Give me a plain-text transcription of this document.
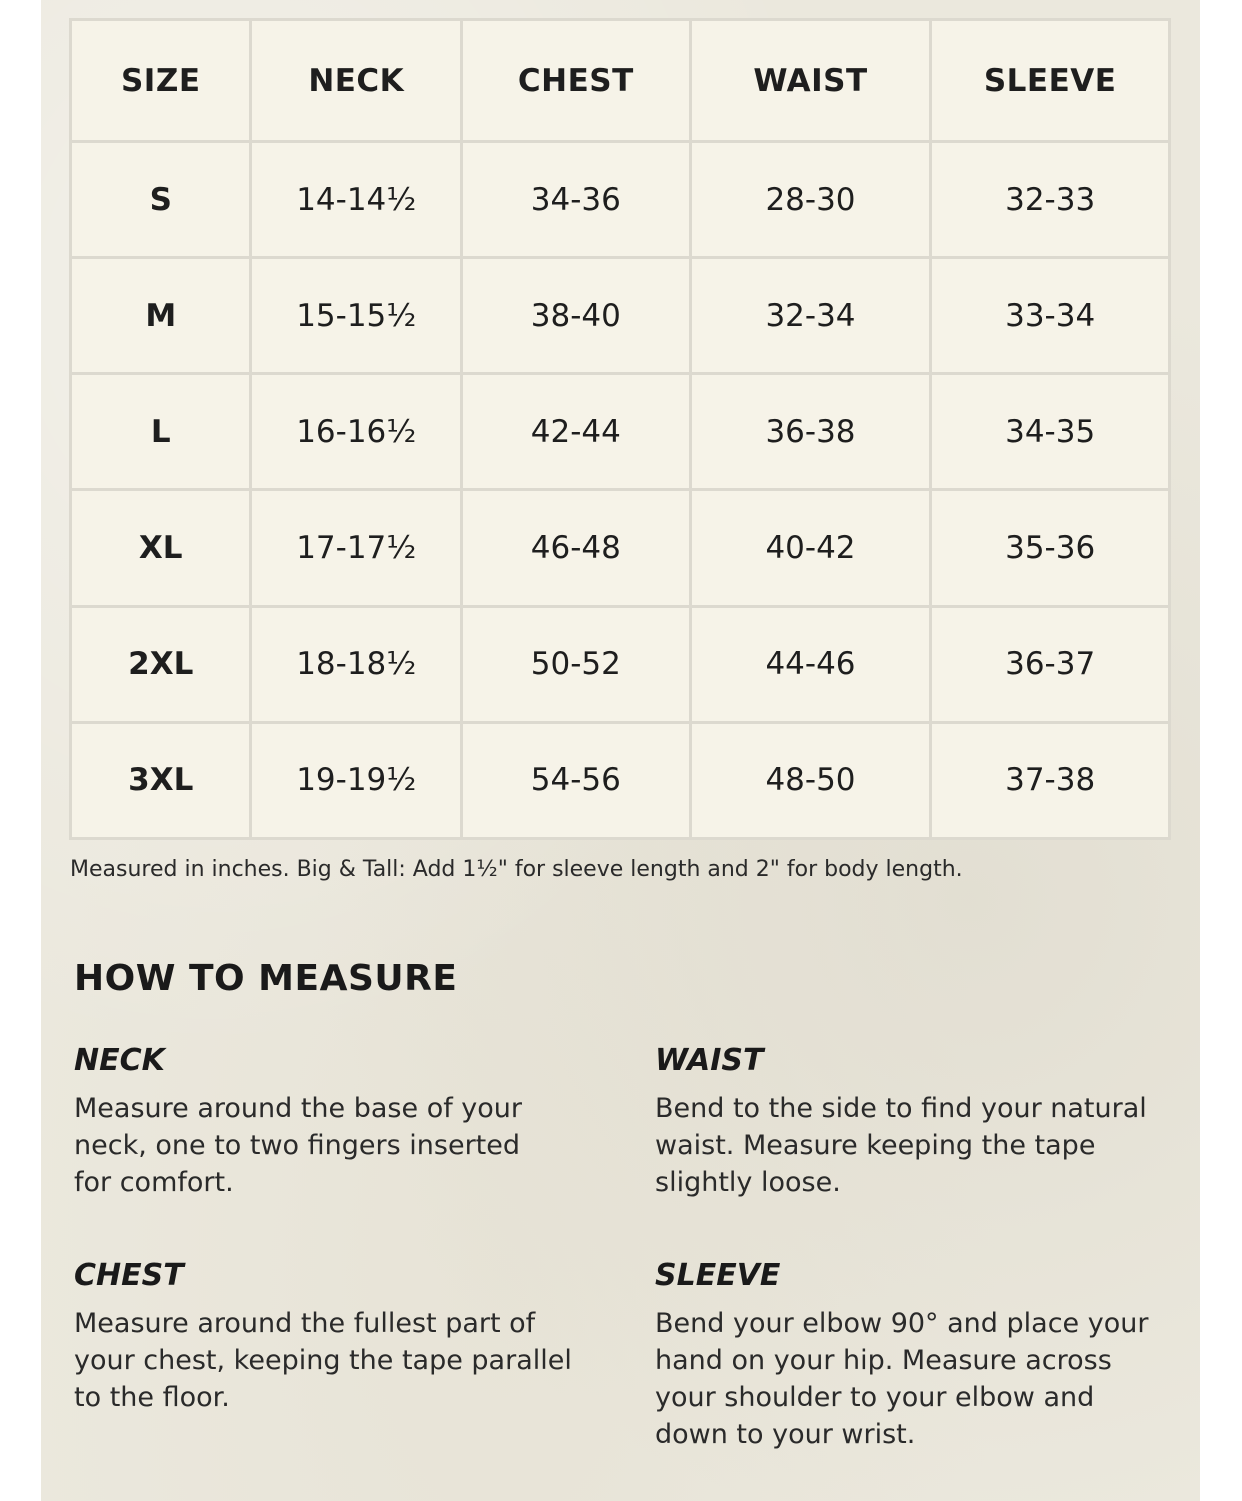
SIZE	NECK	CHEST	WAIST	SLEEVE
S	14-14½	34-36	28-30	32-33
M	15-15½	38-40	32-34	33-34
L	16-16½	42-44	36-38	34-35
XL	17-17½	46-48	40-42	35-36
2XL	18-18½	50-52	44-46	36-37
3XL	19-19½	54-56	48-50	37-38
Measured in inches. Big & Tall: Add 1½" for sleeve length and 2" for body length.
HOW TO MEASURE
NECK

Measure around the base of your neck, one to two fingers inserted for comfort.

WAIST

Bend to the side to find your natural waist. Measure keeping the tape slightly loose.

CHEST

Measure around the fullest part of your chest, keeping the tape parallel to the floor.

SLEEVE

Bend your elbow 90° and place your hand on your hip. Measure across your shoulder to your elbow and down to your wrist.
